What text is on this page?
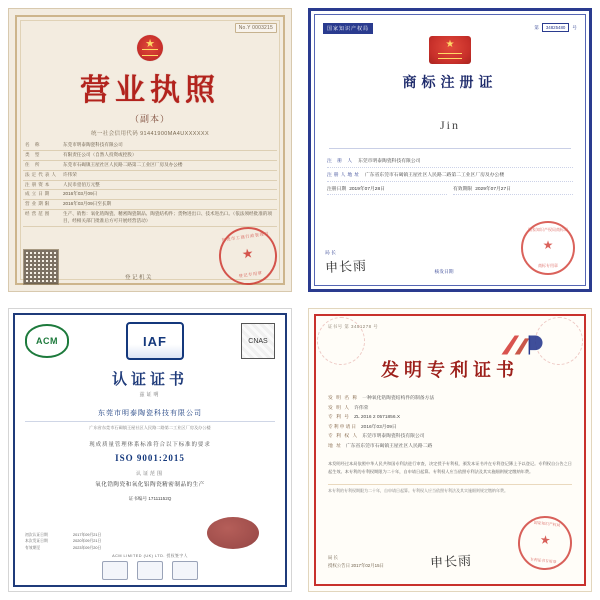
No.Y 0003215
★
营业执照
（副本）
统一社会信用代码 91441900MA4UXXXXXX
名 称	东莞市明泰陶瓷科技有限公司
类 型	有限责任公司（自然人投资或控股）
住 所	东莞市石碣镇王屋社区人民路二路第二工业区厂房及办公楼
法定代表人	许伟荣
注册资本	人民币壹佰万元整
成立日期	2016年03月09日
营业期限	2016年03月09日至长期
经营范围	生产、销售：氧化锆陶瓷、精密陶瓷制品、陶瓷结构件；货物进出口、技术进出口。（依法须经批准的项目，经相关部门批准后方可开展经营活动）
登记机关
东莞市工商行政管理局
登记专用章
★
国家知识产权局	第	34825480	号
★
商标注册证
Jin
注 册 人 东莞市明泰陶瓷科技有限公司
注册人地址 广东省东莞市石碣镇王屋社区人民路二路第二工业区厂房及办公楼
注册日期 2019年07月28日	有效期限 2029年07月27日
局 长
申长雨	核发日期
国家知识产权局商标局
商标专用章
★
ACM	IAF	CNAS
认证证书
兹证明
东莞市明泰陶瓷科技有限公司
广东省东莞市石碣镇王屋社区人民路二路第二工业区厂房及办公楼
现成质量管理体系标准符合以下标准的要求
ISO 9001:2015
认证范围
氧化锆陶瓷和氧化铝陶瓷精密制品的生产
证书编号 17111152Q
初次认证日期	2017年09月21日
本次发证日期	2020年09月21日
有效期至	2023年09月20日
ACM LIMITED (UK) LTD. 授权签字人
证书号 第 3451278 号
发明专利证书
发 明 名 称 一种氧化锆陶瓷结构件的制备方法
发 明 人 许伟荣
专 利 号 ZL 2016 2 0571856.X
专利申请日 2016年03月09日
专 利 权 人 东莞市明泰陶瓷科技有限公司
地 址 广东省东莞市石碣镇王屋社区人民路二路
本发明经过本局依照中华人民共和国专利法进行审查，决定授予专利权，颁发本证书并在专利登记簿上予以登记。专利权自公告之日起生效。本专利的专利权期限为二十年，自申请日起算。专利权人应当依照专利法及其实施细则规定缴纳年费。
本专利的专利权期限为二十年，自申请日起算。专利权人应当依照专利法及其实施细则规定缴纳年费。
局 长
授权公告日 2017年02月15日	申长雨
国家知识产权局
专利证书专用章
★
